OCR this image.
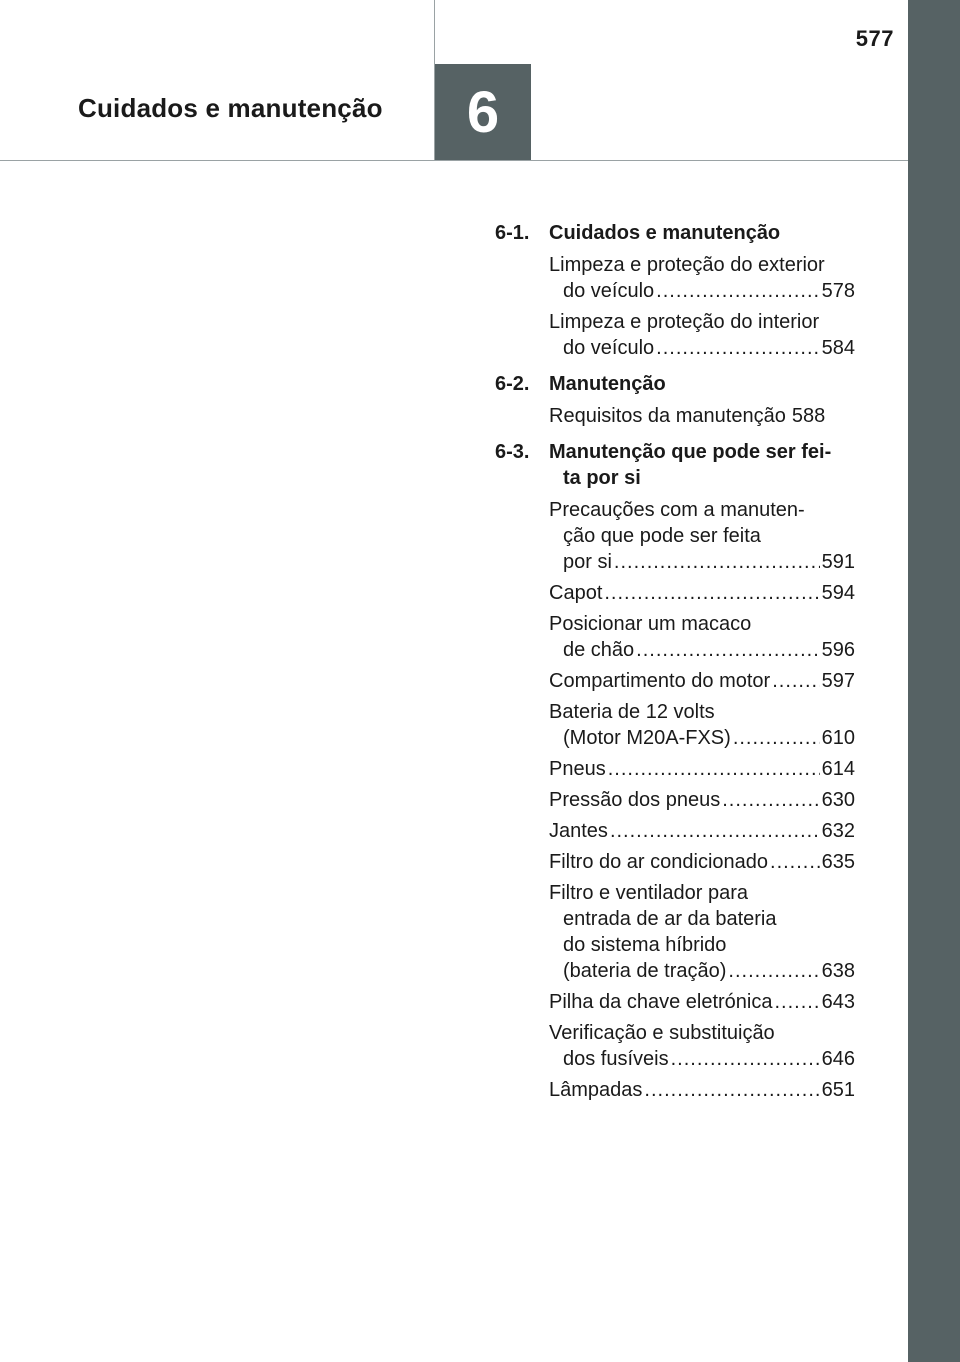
577
Cuidados e manutenção 6
6-1. Cuidados e manutenção
Limpeza e proteção do exterior
do veículo .....	578
Limpeza e proteção do interior
do veículo .....	584
6-2. Manutenção
Requisitos da manutenção 588
6-3. Manutenção que pode ser fei-
ta por si
Precauções com a manuten-
ção que pode ser feita
por si .....	591
Capot .....	594
Posicionar um macaco
de chão .....	596
Compartimento do motor .....	597
Bateria de 12 volts
(Motor M20A-FXS) .....	610
Pneus .....	614
Pressão dos pneus .....	630
Jantes .....	632
Filtro do ar condicionado .....	635
Filtro e ventilador para
entrada de ar da bateria
do sistema híbrido
(bateria de tração) .....	638
Pilha da chave eletrónica ..... 643
Verificação e substituição
dos fusíveis .....	646
Lâmpadas .....	651
